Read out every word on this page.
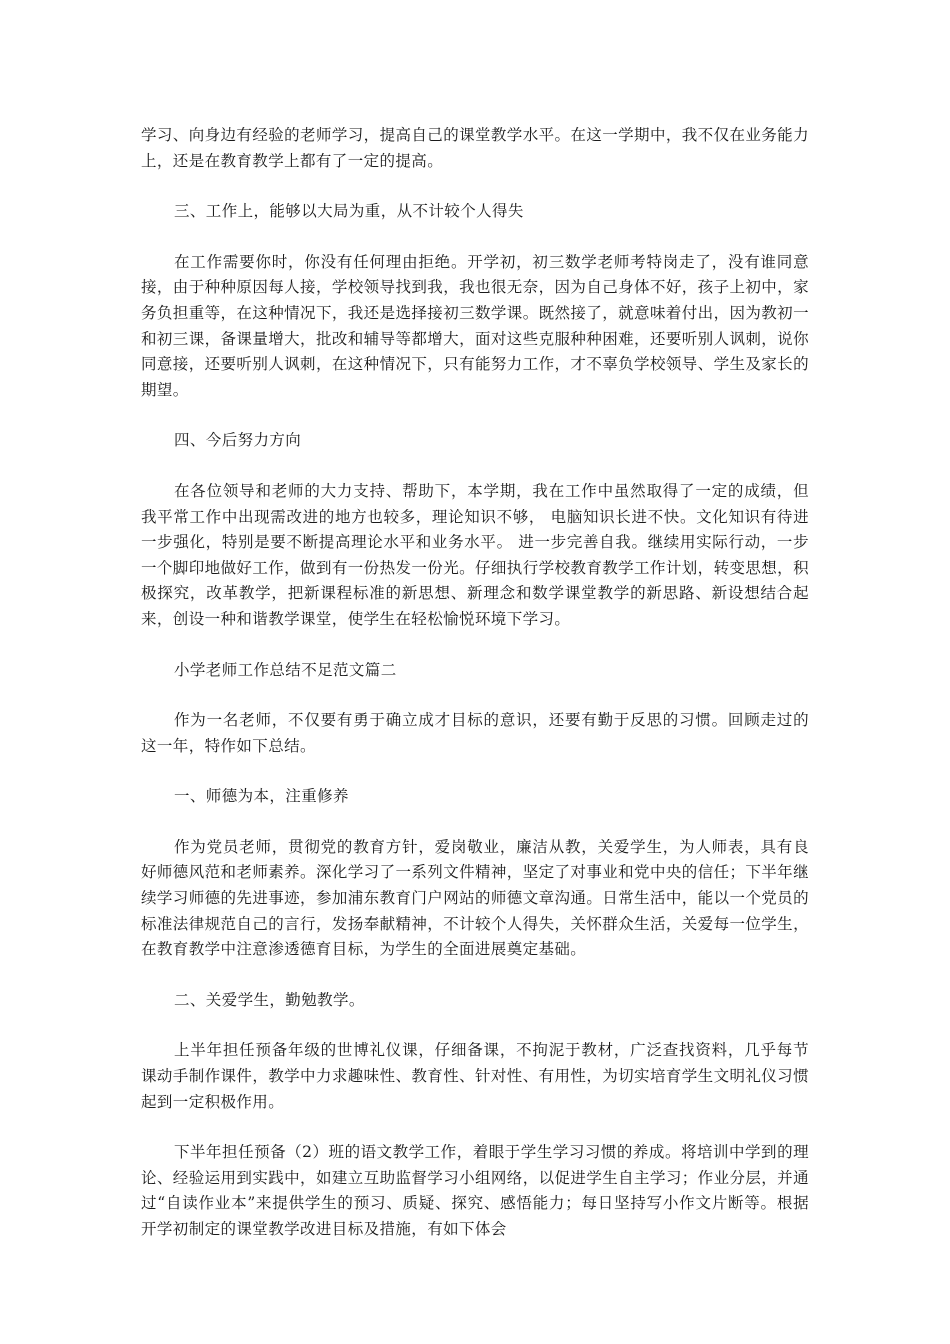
学习、向身边有经验的老师学习，提高自己的课堂教学水平。在这一学期中，我不仅在业务能力上，还是在教育教学上都有了一定的提高。

三、工作上，能够以大局为重，从不计较个人得失

在工作需要你时，你没有任何理由拒绝。开学初，初三数学老师考特岗走了，没有谁同意接，由于种种原因每人接，学校领导找到我，我也很无奈，因为自己身体不好，孩子上初中，家务负担重等，在这种情况下，我还是选择接初三数学课。既然接了，就意味着付出，因为教初一和初三课，备课量增大，批改和辅导等都增大，面对这些克服种种困难，还要听别人讽刺，说你同意接，还要听别人讽刺，在这种情况下，只有能努力工作，才不辜负学校领导、学生及家长的期望。

四、今后努力方向

在各位领导和老师的大力支持、帮助下，本学期，我在工作中虽然取得了一定的成绩，但我平常工作中出现需改进的地方也较多，理论知识不够， 电脑知识长进不快。文化知识有待进一步强化，特别是要不断提高理论水平和业务水平。 进一步完善自我。继续用实际行动，一步一个脚印地做好工作，做到有一份热发一份光。仔细执行学校教育教学工作计划，转变思想，积极探究，改革教学，把新课程标准的新思想、新理念和数学课堂教学的新思路、新设想结合起来，创设一种和谐教学课堂，使学生在轻松愉悦环境下学习。

小学老师工作总结不足范文篇二

作为一名老师，不仅要有勇于确立成才目标的意识，还要有勤于反思的习惯。回顾走过的这一年，特作如下总结。

一、师德为本，注重修养

作为党员老师，贯彻党的教育方针，爱岗敬业，廉洁从教，关爱学生，为人师表，具有良好师德风范和老师素养。深化学习了一系列文件精神，坚定了对事业和党中央的信任；下半年继续学习师德的先进事迹，参加浦东教育门户网站的师德文章沟通。日常生活中，能以一个党员的标准法律规范自己的言行，发扬奉献精神，不计较个人得失，关怀群众生活，关爱每一位学生，在教育教学中注意渗透德育目标，为学生的全面进展奠定基础。

二、关爱学生，勤勉教学。

上半年担任预备年级的世博礼仪课，仔细备课，不拘泥于教材，广泛查找资料，几乎每节课动手制作课件，教学中力求趣味性、教育性、针对性、有用性，为切实培育学生文明礼仪习惯起到一定积极作用。

下半年担任预备（2）班的语文教学工作，着眼于学生学习习惯的养成。将培训中学到的理论、经验运用到实践中，如建立互助监督学习小组网络，以促进学生自主学习；作业分层，并通过“自读作业本”来提供学生的预习、质疑、探究、感悟能力；每日坚持写小作文片断等。根据开学初制定的课堂教学改进目标及措施，有如下体会
